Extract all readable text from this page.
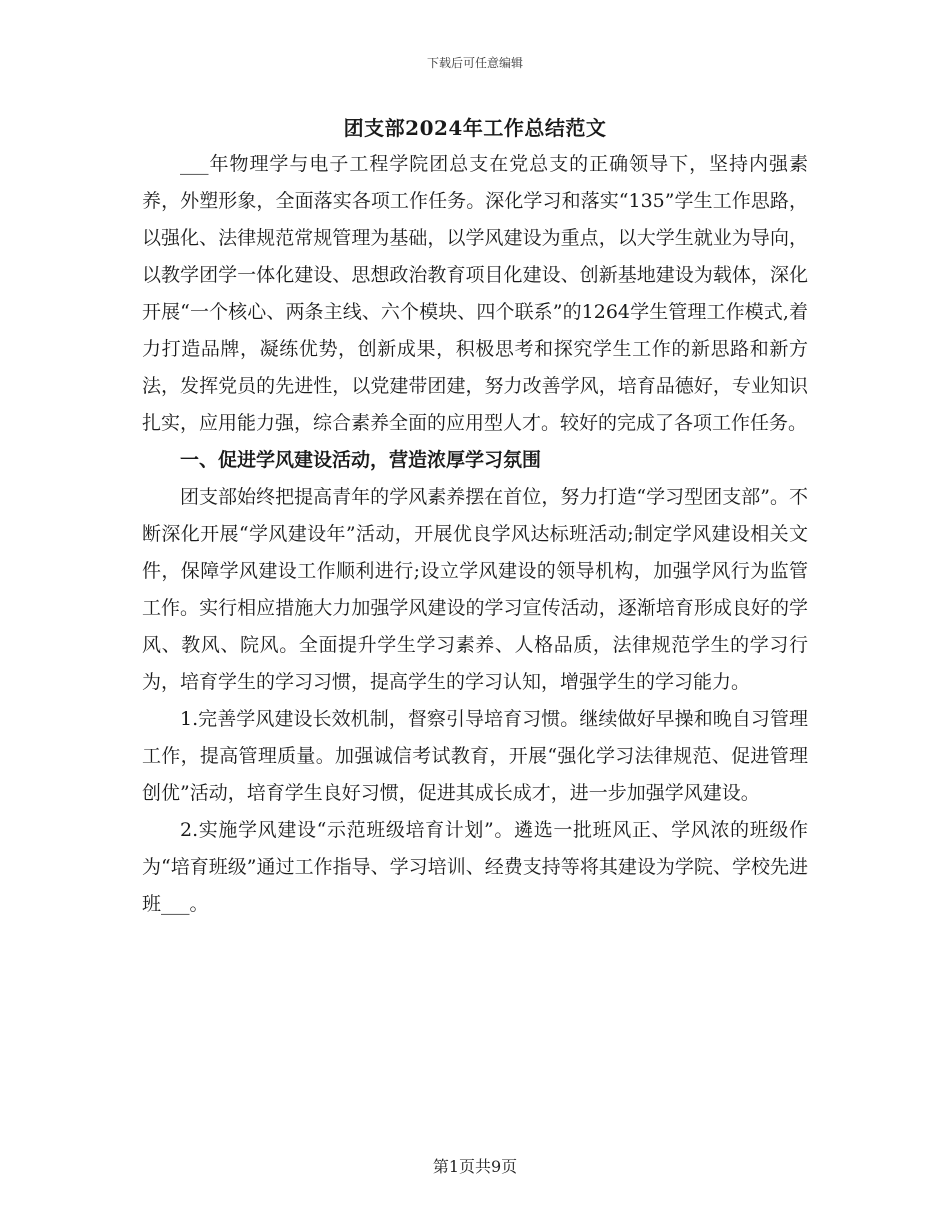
下载后可任意编辑
团支部2024年工作总结范文

___年物理学与电子工程学院团总支在党总支的正确领导下，坚持内强素养，外塑形象，全面落实各项工作任务。深化学习和落实“135”学生工作思路，以强化、法律规范常规管理为基础，以学风建设为重点，以大学生就业为导向，以教学团学一体化建设、思想政治教育项目化建设、创新基地建设为载体，深化开展“一个核心、两条主线、六个模块、四个联系”的1264学生管理工作模式,着力打造品牌，凝练优势，创新成果，积极思考和探究学生工作的新思路和新方法，发挥党员的先进性，以党建带团建，努力改善学风，培育品德好，专业知识扎实，应用能力强，综合素养全面的应用型人才。较好的完成了各项工作任务。

一、促进学风建设活动，营造浓厚学习氛围

团支部始终把提高青年的学风素养摆在首位，努力打造“学习型团支部”。不断深化开展“学风建设年”活动，开展优良学风达标班活动;制定学风建设相关文件，保障学风建设工作顺利进行;设立学风建设的领导机构，加强学风行为监管工作。实行相应措施大力加强学风建设的学习宣传活动，逐渐培育形成良好的学风、教风、院风。全面提升学生学习素养、人格品质，法律规范学生的学习行为，培育学生的学习习惯，提高学生的学习认知，增强学生的学习能力。

1.完善学风建设长效机制，督察引导培育习惯。继续做好早操和晚自习管理工作，提高管理质量。加强诚信考试教育，开展“强化学习法律规范、促进管理创优”活动，培育学生良好习惯，促进其成长成才，进一步加强学风建设。

2.实施学风建设“示范班级培育计划”。遴选一批班风正、学风浓的班级作为“培育班级”通过工作指导、学习培训、经费支持等将其建设为学院、学校先进班___。

第1页共9页
